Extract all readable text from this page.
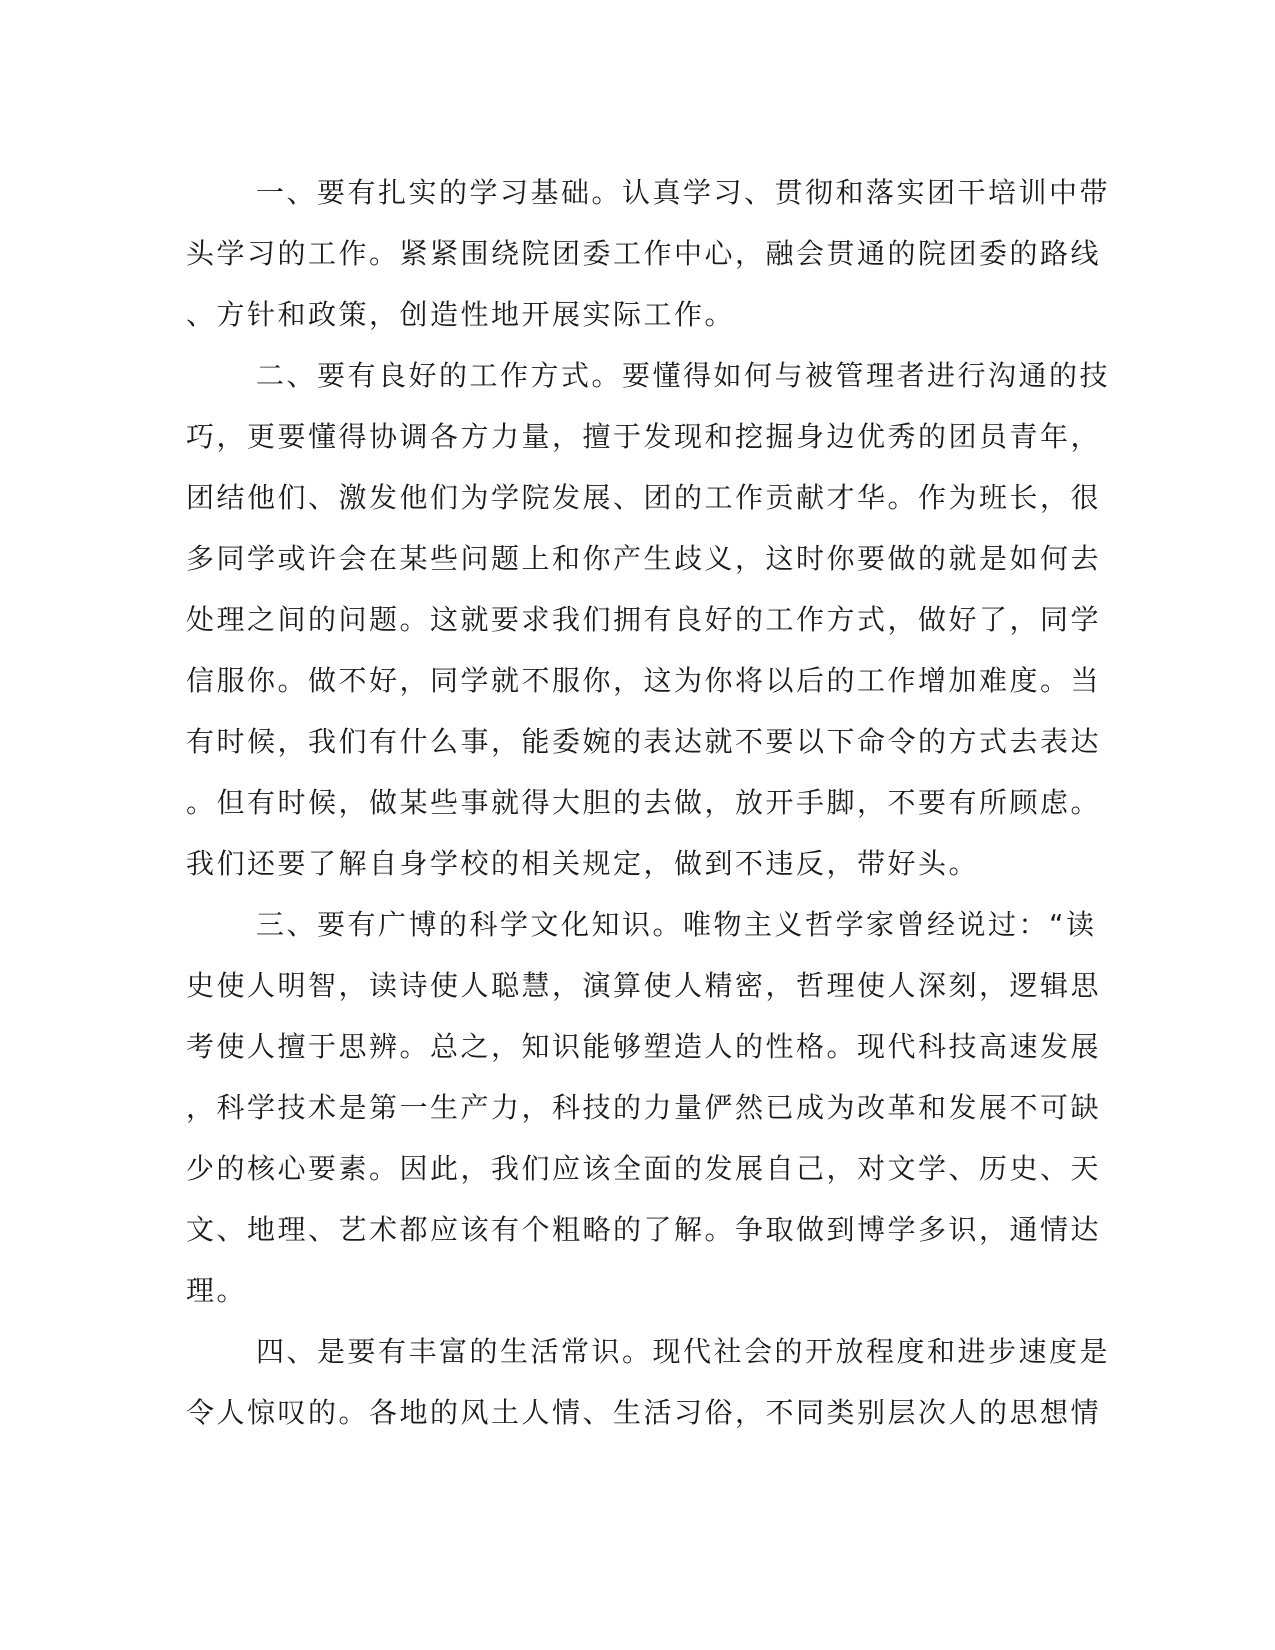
一、要有扎实的学习基础。认真学习、贯彻和落实团干培训中带
头学习的工作。紧紧围绕院团委工作中心，融会贯通的院团委的路线
、方针和政策，创造性地开展实际工作。
二、要有良好的工作方式。要懂得如何与被管理者进行沟通的技
巧，更要懂得协调各方力量，擅于发现和挖掘身边优秀的团员青年，
团结他们、激发他们为学院发展、团的工作贡献才华。作为班长，很
多同学或许会在某些问题上和你产生歧义，这时你要做的就是如何去
处理之间的问题。这就要求我们拥有良好的工作方式，做好了，同学
信服你。做不好，同学就不服你，这为你将以后的工作增加难度。当
有时候，我们有什么事，能委婉的表达就不要以下命令的方式去表达
。但有时候，做某些事就得大胆的去做，放开手脚，不要有所顾虑。
我们还要了解自身学校的相关规定，做到不违反，带好头。
三、要有广博的科学文化知识。唯物主义哲学家曾经说过：“读
史使人明智，读诗使人聪慧，演算使人精密，哲理使人深刻，逻辑思
考使人擅于思辨。总之，知识能够塑造人的性格。现代科技高速发展
，科学技术是第一生产力，科技的力量俨然已成为改革和发展不可缺
少的核心要素。因此，我们应该全面的发展自己，对文学、历史、天
文、地理、艺术都应该有个粗略的了解。争取做到博学多识，通情达
理。
四、是要有丰富的生活常识。现代社会的开放程度和进步速度是
令人惊叹的。各地的风土人情、生活习俗，不同类别层次人的思想情
